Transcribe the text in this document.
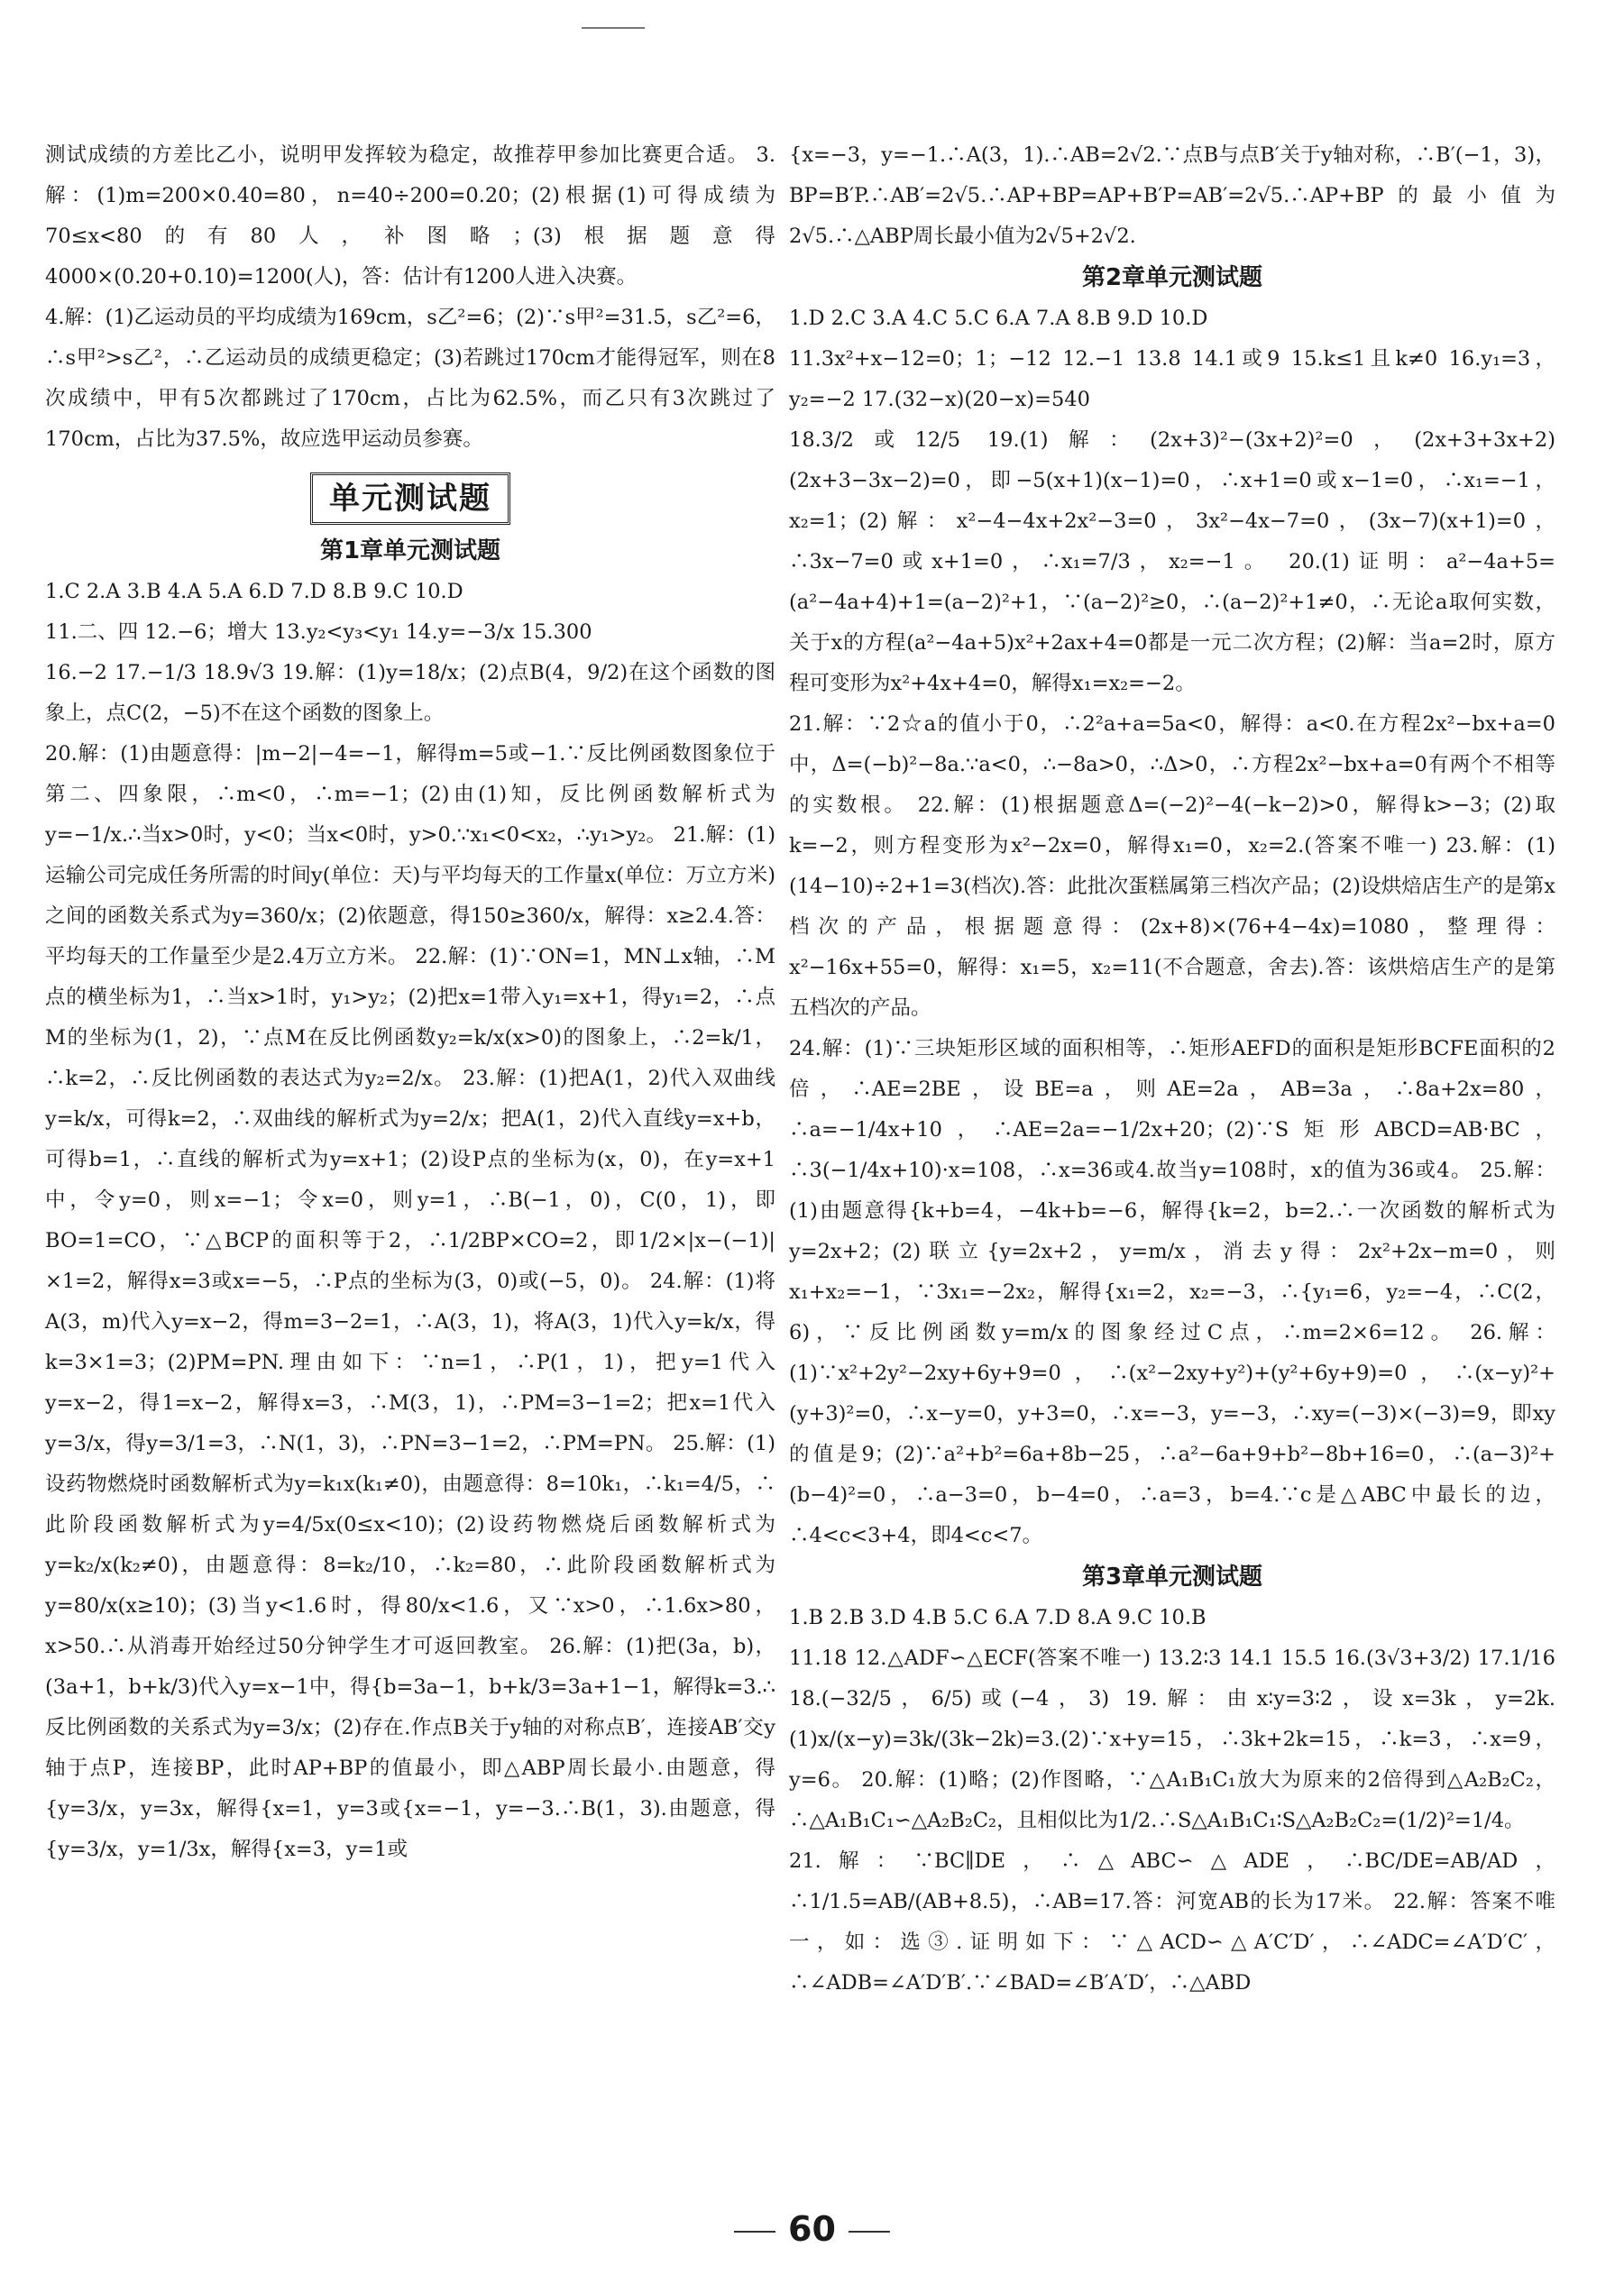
测试成绩的方差比乙小，说明甲发挥较为稳定，故推荐甲参加比赛更合适。 3.解：(1)m=200×0.40=80，n=40÷200=0.20；(2)根据(1)可得成绩为70≤x<80的有80人，补图略；(3)根据题意得4000×(0.20+0.10)=1200(人)，答：估计有1200人进入决赛。

4.解：(1)乙运动员的平均成绩为169cm，s乙²=6；(2)∵s甲²=31.5，s乙²=6，∴s甲²>s乙²，∴乙运动员的成绩更稳定；(3)若跳过170cm才能得冠军，则在8次成绩中，甲有5次都跳过了170cm，占比为62.5%，而乙只有3次跳过了170cm，占比为37.5%，故应选甲运动员参赛。

单元测试题
第1章单元测试题

1.C 2.A 3.B 4.A 5.A 6.D 7.D 8.B 9.C 10.D

11.二、四 12.−6；增大 13.y₂<y₃<y₁ 14.y=−3/x 15.300

16.−2 17.−1/3 18.9√3 19.解：(1)y=18/x；(2)点B(4，9/2)在这个函数的图象上，点C(2，−5)不在这个函数的图象上。

20.解：(1)由题意得：|m−2|−4=−1，解得m=5或−1.∵反比例函数图象位于第二、四象限，∴m<0，∴m=−1；(2)由(1)知，反比例函数解析式为y=−1/x.∴当x>0时，y<0；当x<0时，y>0.∵x₁<0<x₂，∴y₁>y₂。 21.解：(1)运输公司完成任务所需的时间y(单位：天)与平均每天的工作量x(单位：万立方米)之间的函数关系式为y=360/x；(2)依题意，得150≥360/x，解得：x≥2.4.答：平均每天的工作量至少是2.4万立方米。 22.解：(1)∵ON=1，MN⊥x轴，∴M点的横坐标为1，∴当x>1时，y₁>y₂；(2)把x=1带入y₁=x+1，得y₁=2，∴点M的坐标为(1，2)，∵点M在反比例函数y₂=k/x(x>0)的图象上，∴2=k/1，∴k=2，∴反比例函数的表达式为y₂=2/x。 23.解：(1)把A(1，2)代入双曲线y=k/x，可得k=2，∴双曲线的解析式为y=2/x；把A(1，2)代入直线y=x+b，可得b=1，∴直线的解析式为y=x+1；(2)设P点的坐标为(x，0)，在y=x+1中，令y=0，则x=−1；令x=0，则y=1，∴B(−1，0)，C(0，1)，即BO=1=CO，∵△BCP的面积等于2，∴1/2BP×CO=2，即1/2×|x−(−1)|×1=2，解得x=3或x=−5，∴P点的坐标为(3，0)或(−5，0)。 24.解：(1)将A(3，m)代入y=x−2，得m=3−2=1，∴A(3，1)，将A(3，1)代入y=k/x，得k=3×1=3；(2)PM=PN.理由如下：∵n=1，∴P(1，1)，把y=1代入y=x−2，得1=x−2，解得x=3，∴M(3，1)，∴PM=3−1=2；把x=1代入y=3/x，得y=3/1=3，∴N(1，3)，∴PN=3−1=2，∴PM=PN。 25.解：(1)设药物燃烧时函数解析式为y=k₁x(k₁≠0)，由题意得：8=10k₁，∴k₁=4/5，∴此阶段函数解析式为y=4/5x(0≤x<10)；(2)设药物燃烧后函数解析式为y=k₂/x(k₂≠0)，由题意得：8=k₂/10，∴k₂=80，∴此阶段函数解析式为y=80/x(x≥10)；(3)当y<1.6时，得80/x<1.6，又∵x>0，∴1.6x>80，x>50.∴从消毒开始经过50分钟学生才可返回教室。 26.解：(1)把(3a，b)，(3a+1，b+k/3)代入y=x−1中，得{b=3a−1，b+k/3=3a+1−1，解得k=3.∴反比例函数的关系式为y=3/x；(2)存在.作点B关于y轴的对称点B′，连接AB′交y轴于点P，连接BP，此时AP+BP的值最小，即△ABP周长最小.由题意，得{y=3/x，y=3x，解得{x=1，y=3或{x=−1，y=−3.∴B(1，3).由题意，得{y=3/x，y=1/3x，解得{x=3，y=1或

{x=−3，y=−1.∴A(3，1).∴AB=2√2.∵点B与点B′关于y轴对称，∴B′(−1，3)，BP=B′P.∴AB′=2√5.∴AP+BP=AP+B′P=AB′=2√5.∴AP+BP的最小值为2√5.∴△ABP周长最小值为2√5+2√2.

第2章单元测试题

1.D 2.C 3.A 4.C 5.C 6.A 7.A 8.B 9.D 10.D

11.3x²+x−12=0；1；−12 12.−1 13.8 14.1或9 15.k≤1且k≠0 16.y₁=3，y₂=−2 17.(32−x)(20−x)=540

18.3/2或12/5 19.(1)解：(2x+3)²−(3x+2)²=0，(2x+3+3x+2)(2x+3−3x−2)=0，即−5(x+1)(x−1)=0，∴x+1=0或x−1=0，∴x₁=−1，x₂=1；(2)解：x²−4−4x+2x²−3=0，3x²−4x−7=0，(3x−7)(x+1)=0，∴3x−7=0或x+1=0，∴x₁=7/3，x₂=−1。 20.(1)证明：a²−4a+5=(a²−4a+4)+1=(a−2)²+1，∵(a−2)²≥0，∴(a−2)²+1≠0，∴无论a取何实数，关于x的方程(a²−4a+5)x²+2ax+4=0都是一元二次方程；(2)解：当a=2时，原方程可变形为x²+4x+4=0，解得x₁=x₂=−2。

21.解：∵2☆a的值小于0，∴2²a+a=5a<0，解得：a<0.在方程2x²−bx+a=0中，Δ=(−b)²−8a.∵a<0，∴−8a>0，∴Δ>0，∴方程2x²−bx+a=0有两个不相等的实数根。 22.解：(1)根据题意Δ=(−2)²−4(−k−2)>0，解得k>−3；(2)取k=−2，则方程变形为x²−2x=0，解得x₁=0，x₂=2.(答案不唯一) 23.解：(1)(14−10)÷2+1=3(档次).答：此批次蛋糕属第三档次产品；(2)设烘焙店生产的是第x档次的产品，根据题意得：(2x+8)×(76+4−4x)=1080，整理得：x²−16x+55=0，解得：x₁=5，x₂=11(不合题意，舍去).答：该烘焙店生产的是第五档次的产品。

24.解：(1)∵三块矩形区域的面积相等，∴矩形AEFD的面积是矩形BCFE面积的2倍，∴AE=2BE，设BE=a，则AE=2a，AB=3a，∴8a+2x=80，∴a=−1/4x+10，∴AE=2a=−1/2x+20；(2)∵S矩形ABCD=AB·BC，∴3(−1/4x+10)·x=108，∴x=36或4.故当y=108时，x的值为36或4。 25.解：(1)由题意得{k+b=4，−4k+b=−6，解得{k=2，b=2.∴一次函数的解析式为y=2x+2；(2)联立{y=2x+2，y=m/x，消去y得：2x²+2x−m=0，则x₁+x₂=−1，∵3x₁=−2x₂，解得{x₁=2，x₂=−3，∴{y₁=6，y₂=−4，∴C(2，6)，∵反比例函数y=m/x的图象经过C点，∴m=2×6=12。 26.解：(1)∵x²+2y²−2xy+6y+9=0，∴(x²−2xy+y²)+(y²+6y+9)=0，∴(x−y)²+(y+3)²=0，∴x−y=0，y+3=0，∴x=−3，y=−3，∴xy=(−3)×(−3)=9，即xy的值是9；(2)∵a²+b²=6a+8b−25，∴a²−6a+9+b²−8b+16=0，∴(a−3)²+(b−4)²=0，∴a−3=0，b−4=0，∴a=3，b=4.∵c是△ABC中最长的边，∴4<c<3+4，即4<c<7。

第3章单元测试题

1.B 2.B 3.D 4.B 5.C 6.A 7.D 8.A 9.C 10.B

11.18 12.△ADF∽△ECF(答案不唯一) 13.2∶3 14.1 15.5 16.(3√3+3/2) 17.1/16 18.(−32/5，6/5)或(−4，3) 19.解：由x∶y=3∶2，设x=3k，y=2k.(1)x/(x−y)=3k/(3k−2k)=3.(2)∵x+y=15，∴3k+2k=15，∴k=3，∴x=9，y=6。 20.解：(1)略；(2)作图略，∵△A₁B₁C₁放大为原来的2倍得到△A₂B₂C₂，∴△A₁B₁C₁∽△A₂B₂C₂，且相似比为1/2.∴S△A₁B₁C₁∶S△A₂B₂C₂=(1/2)²=1/4。

21.解：∵BC∥DE，∴△ABC∽△ADE，∴BC/DE=AB/AD，∴1/1.5=AB/(AB+8.5)，∴AB=17.答：河宽AB的长为17米。 22.解：答案不唯一，如：选③.证明如下：∵△ACD∽△A′C′D′，∴∠ADC=∠A′D′C′，∴∠ADB=∠A′D′B′.∵∠BAD=∠B′A′D′，∴△ABD

60
